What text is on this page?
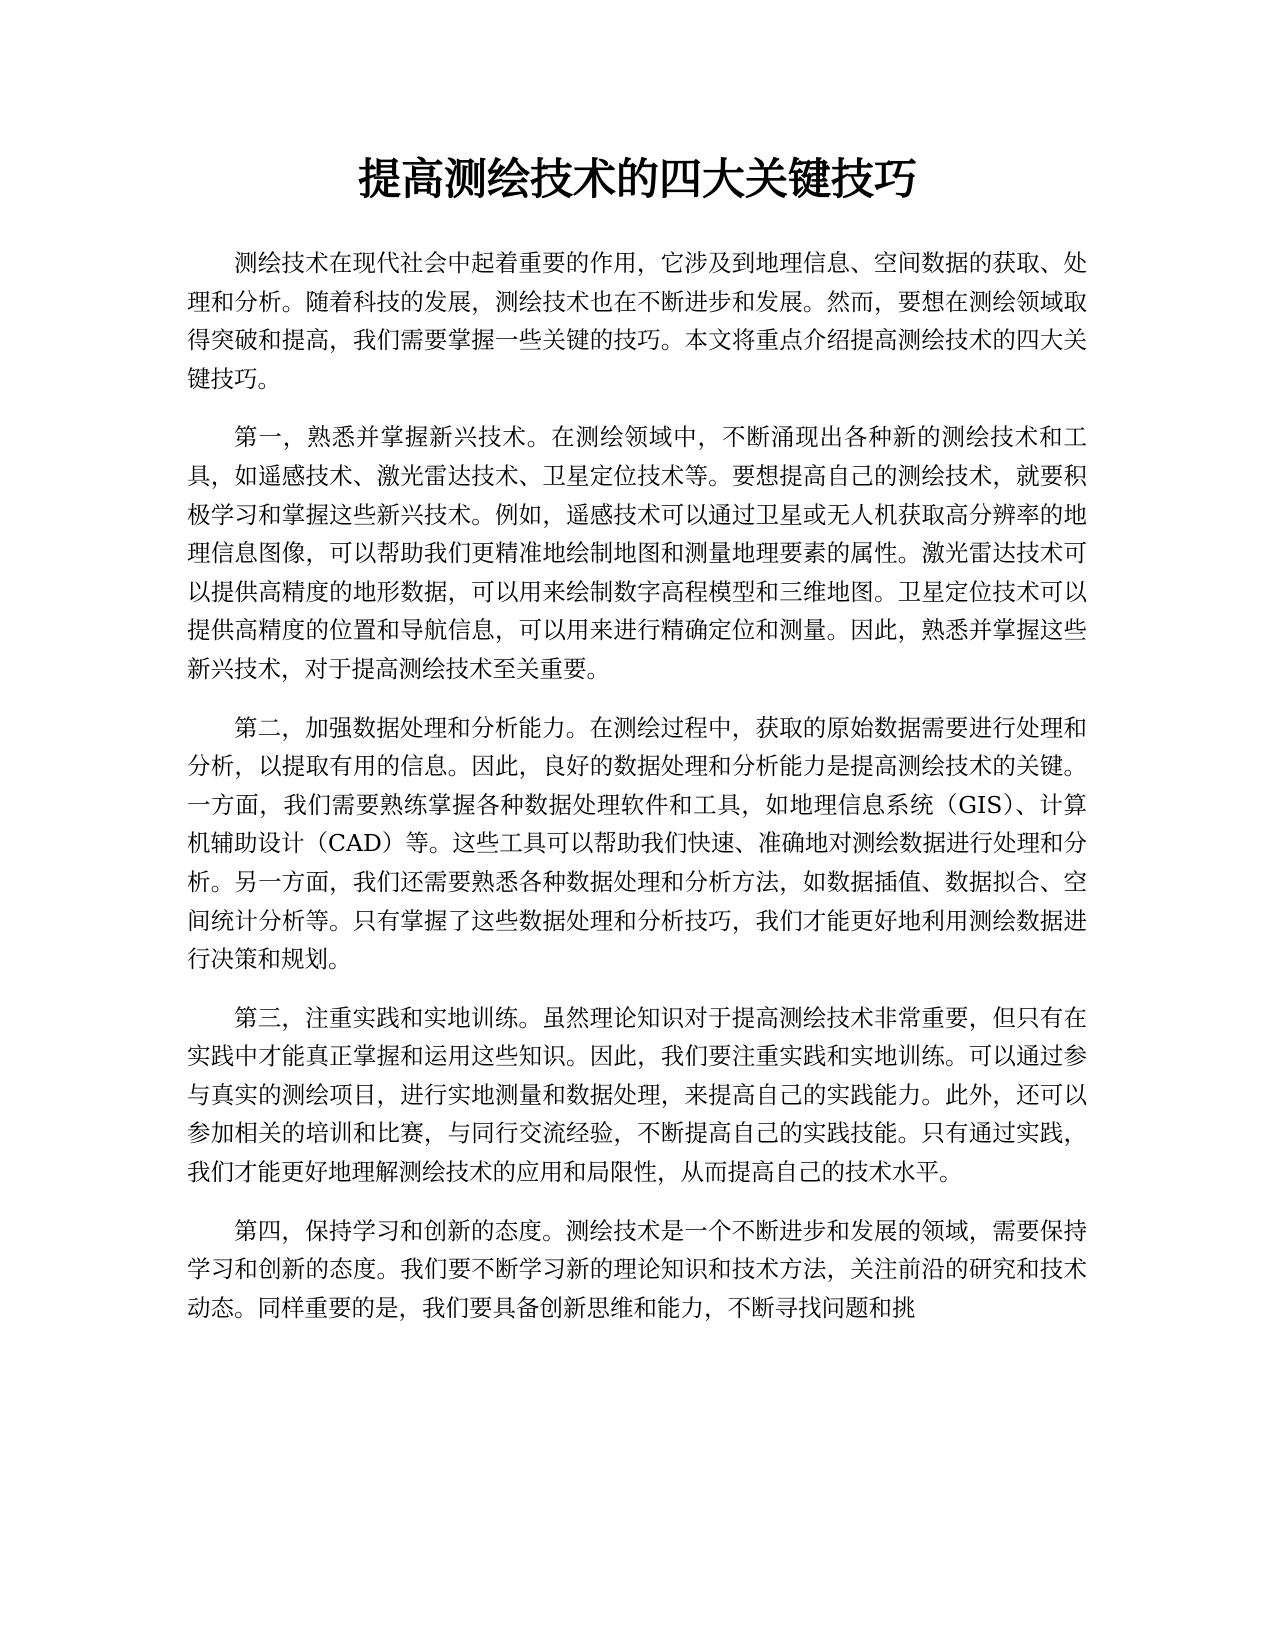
提高测绘技术的四大关键技巧

测绘技术在现代社会中起着重要的作用，它涉及到地理信息、空间数据的获取、处理和分析。随着科技的发展，测绘技术也在不断进步和发展。然而，要想在测绘领域取得突破和提高，我们需要掌握一些关键的技巧。本文将重点介绍提高测绘技术的四大关键技巧。

第一，熟悉并掌握新兴技术。在测绘领域中，不断涌现出各种新的测绘技术和工具，如遥感技术、激光雷达技术、卫星定位技术等。要想提高自己的测绘技术，就要积极学习和掌握这些新兴技术。例如，遥感技术可以通过卫星或无人机获取高分辨率的地理信息图像，可以帮助我们更精准地绘制地图和测量地理要素的属性。激光雷达技术可以提供高精度的地形数据，可以用来绘制数字高程模型和三维地图。卫星定位技术可以提供高精度的位置和导航信息，可以用来进行精确定位和测量。因此，熟悉并掌握这些新兴技术，对于提高测绘技术至关重要。

第二，加强数据处理和分析能力。在测绘过程中，获取的原始数据需要进行处理和分析，以提取有用的信息。因此，良好的数据处理和分析能力是提高测绘技术的关键。一方面，我们需要熟练掌握各种数据处理软件和工具，如地理信息系统（GIS）、计算机辅助设计（CAD）等。这些工具可以帮助我们快速、准确地对测绘数据进行处理和分析。另一方面，我们还需要熟悉各种数据处理和分析方法，如数据插值、数据拟合、空间统计分析等。只有掌握了这些数据处理和分析技巧，我们才能更好地利用测绘数据进行决策和规划。

第三，注重实践和实地训练。虽然理论知识对于提高测绘技术非常重要，但只有在实践中才能真正掌握和运用这些知识。因此，我们要注重实践和实地训练。可以通过参与真实的测绘项目，进行实地测量和数据处理，来提高自己的实践能力。此外，还可以参加相关的培训和比赛，与同行交流经验，不断提高自己的实践技能。只有通过实践，我们才能更好地理解测绘技术的应用和局限性，从而提高自己的技术水平。

第四，保持学习和创新的态度。测绘技术是一个不断进步和发展的领域，需要保持学习和创新的态度。我们要不断学习新的理论知识和技术方法，关注前沿的研究和技术动态。同样重要的是，我们要具备创新思维和能力，不断寻找问题和挑
